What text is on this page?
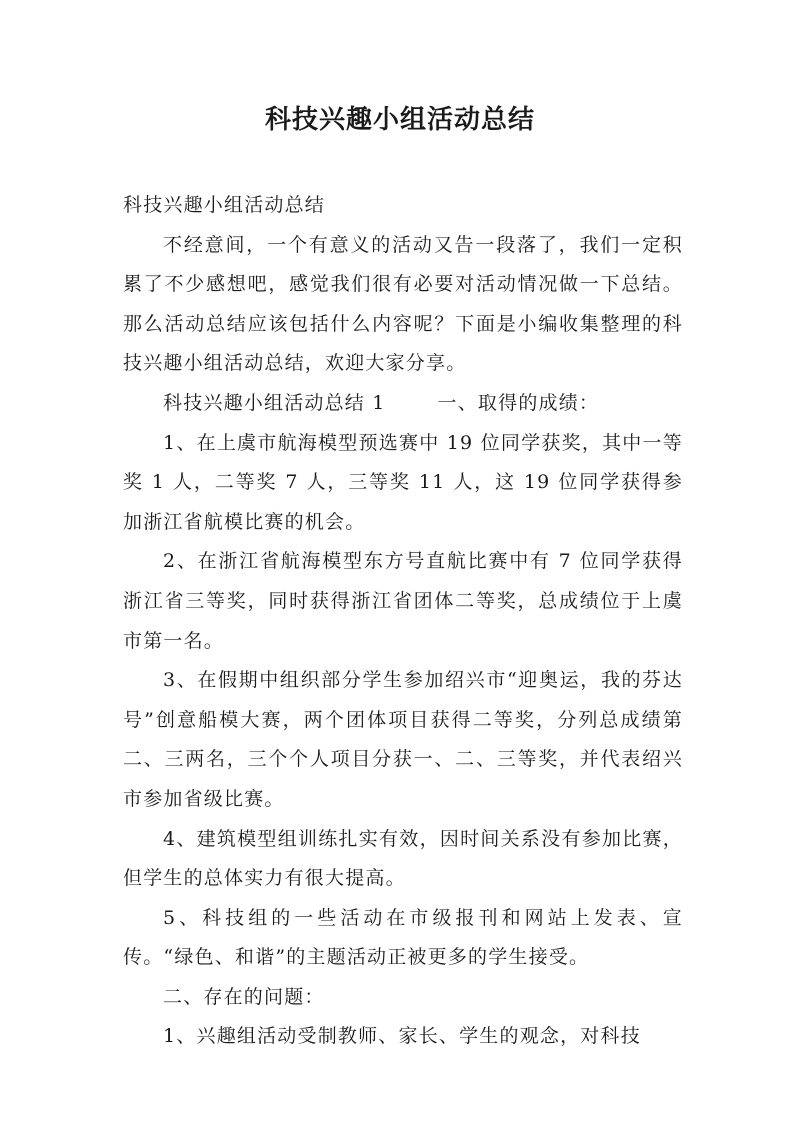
科技兴趣小组活动总结

科技兴趣小组活动总结

不经意间，一个有意义的活动又告一段落了，我们一定积累了不少感想吧，感觉我们很有必要对活动情况做一下总结。那么活动总结应该包括什么内容呢？下面是小编收集整理的科技兴趣小组活动总结，欢迎大家分享。

科技兴趣小组活动总结 1	一、取得的成绩：

1、在上虞市航海模型预选赛中 19 位同学获奖，其中一等奖 1 人，二等奖 7 人，三等奖 11 人，这 19 位同学获得参加浙江省航模比赛的机会。

2、在浙江省航海模型东方号直航比赛中有 7 位同学获得浙江省三等奖，同时获得浙江省团体二等奖，总成绩位于上虞市第一名。

3、在假期中组织部分学生参加绍兴市“迎奥运，我的芬达号”创意船模大赛，两个团体项目获得二等奖，分列总成绩第二、三两名，三个个人项目分获一、二、三等奖，并代表绍兴市参加省级比赛。

4、建筑模型组训练扎实有效，因时间关系没有参加比赛，但学生的总体实力有很大提高。

5、科技组的一些活动在市级报刊和网站上发表、宣传。“绿色、和谐”的主题活动正被更多的学生接受。

二、存在的问题：

1、兴趣组活动受制教师、家长、学生的观念，对科技
